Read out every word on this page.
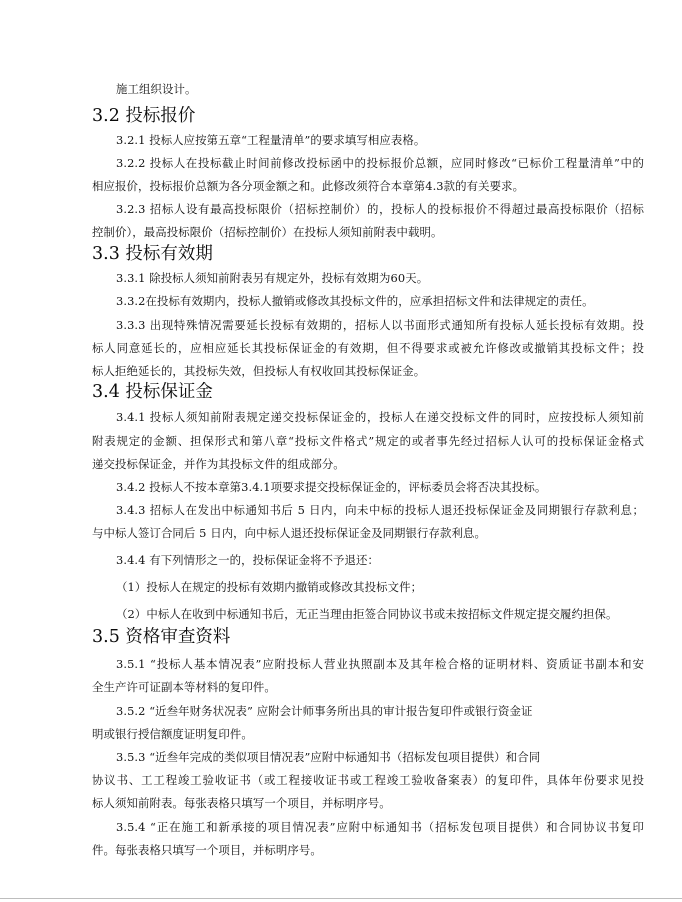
施工组织设计。
3.2 投标报价
3.2.1 投标人应按第五章“工程量清单”的要求填写相应表格。
3.2.2 投标人在投标截止时间前修改投标函中的投标报价总额，应同时修改“已标价工程量清单”中的
相应报价，投标报价总额为各分项金额之和。此修改须符合本章第4.3款的有关要求。
3.2.3 招标人设有最高投标限价（招标控制价）的，投标人的投标报价不得超过最高投标限价（招标
控制价），最高投标限价（招标控制价）在投标人须知前附表中载明。
3.3 投标有效期
3.3.1 除投标人须知前附表另有规定外，投标有效期为60天。
3.3.2在投标有效期内，投标人撤销或修改其投标文件的，应承担招标文件和法律规定的责任。
3.3.3 出现特殊情况需要延长投标有效期的，招标人以书面形式通知所有投标人延长投标有效期。投
标人同意延长的，应相应延长其投标保证金的有效期，但不得要求或被允许修改或撤销其投标文件；投
标人拒绝延长的，其投标失效，但投标人有权收回其投标保证金。
3.4 投标保证金
3.4.1 投标人须知前附表规定递交投标保证金的，投标人在递交投标文件的同时，应按投标人须知前
附表规定的金额、担保形式和第八章“投标文件格式”规定的或者事先经过招标人认可的投标保证金格式
递交投标保证金，并作为其投标文件的组成部分。
3.4.2 投标人不按本章第3.4.1项要求提交投标保证金的，评标委员会将否决其投标。
3.4.3 招标人在发出中标通知书后 5 日内，向未中标的投标人退还投标保证金及同期银行存款利息；
与中标人签订合同后 5 日内，向中标人退还投标保证金及同期银行存款利息。
3.4.4 有下列情形之一的，投标保证金将不予退还：
（1）投标人在规定的投标有效期内撤销或修改其投标文件；
（2）中标人在收到中标通知书后，无正当理由拒签合同协议书或未按招标文件规定提交履约担保。
3.5 资格审查资料
3.5.1 “投标人基本情况表”应附投标人营业执照副本及其年检合格的证明材料、资质证书副本和安
全生产许可证副本等材料的复印件。
3.5.2 “近叁年财务状况表” 应附会计师事务所出具的审计报告复印件或银行资金证
明或银行授信额度证明复印件。
3.5.3 “近叁年完成的类似项目情况表”应附中标通知书（招标发包项目提供）和合同
协议书、工工程竣工验收证书（或工程接收证书或工程竣工验收备案表）的复印件，具体年份要求见投
标人须知前附表。每张表格只填写一个项目，并标明序号。
3.5.4 “正在施工和新承接的项目情况表”应附中标通知书（招标发包项目提供）和合同协议书复印
件。每张表格只填写一个项目，并标明序号。
